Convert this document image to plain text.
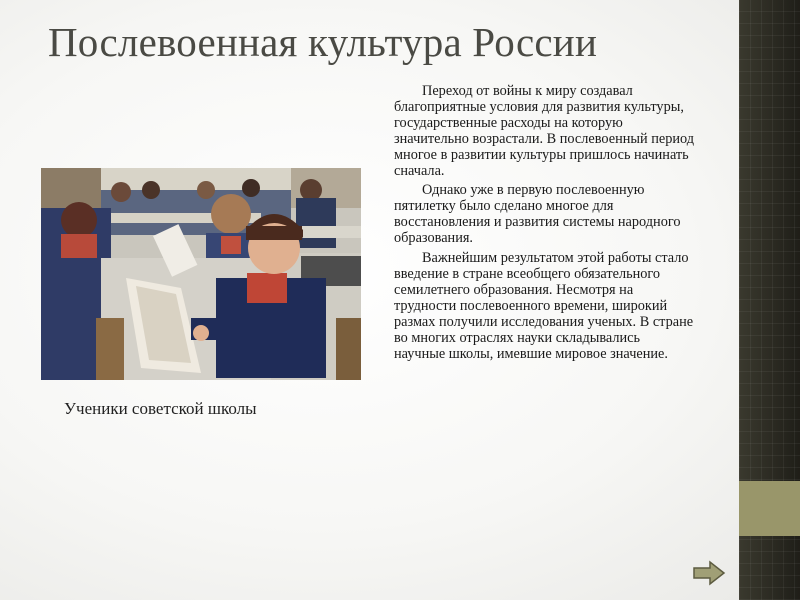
Послевоенная культура России
Ученики советской школы

Переход от войны к миру создавал благоприятные условия для развития культуры, государственные расходы на которую значительно возрастали. В послевоенный период многое в развитии культуры пришлось начинать сначала.

Однако уже в первую послевоенную пятилетку было сделано многое для восстановления и развития системы народного образования.

Важнейшим результатом этой работы стало введение в стране всеобщего обязательного семилетнего образования. Несмотря на трудности послевоенного времени, широкий размах получили исследования ученых. В стране во многих отраслях науки складывались научные школы, имевшие мировое значение.
